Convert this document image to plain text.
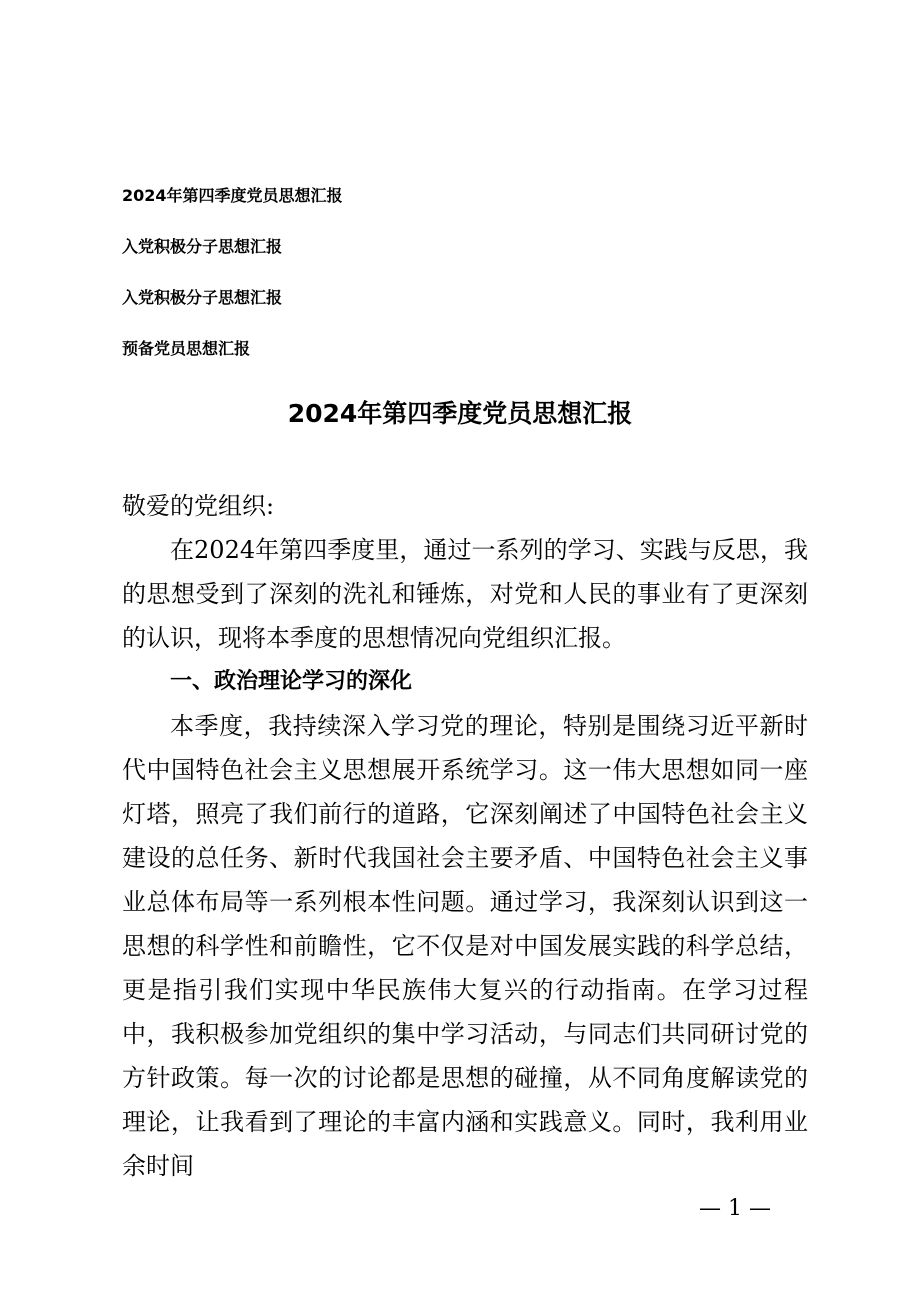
2024年第四季度党员思想汇报
入党积极分子思想汇报
入党积极分子思想汇报
预备党员思想汇报
2024年第四季度党员思想汇报

敬爱的党组织:

在2024年第四季度里，通过一系列的学习、实践与反思，我的思想受到了深刻的洗礼和锤炼，对党和人民的事业有了更深刻的认识，现将本季度的思想情况向党组织汇报。

一、政治理论学习的深化

本季度，我持续深入学习党的理论，特别是围绕习近平新时代中国特色社会主义思想展开系统学习。这一伟大思想如同一座灯塔，照亮了我们前行的道路，它深刻阐述了中国特色社会主义建设的总任务、新时代我国社会主要矛盾、中国特色社会主义事业总体布局等一系列根本性问题。通过学习，我深刻认识到这一思想的科学性和前瞻性，它不仅是对中国发展实践的科学总结，更是指引我们实现中华民族伟大复兴的行动指南。在学习过程中，我积极参加党组织的集中学习活动，与同志们共同研讨党的方针政策。每一次的讨论都是思想的碰撞，从不同角度解读党的理论，让我看到了理论的丰富内涵和实践意义。同时，我利用业余时间

— 1 —
